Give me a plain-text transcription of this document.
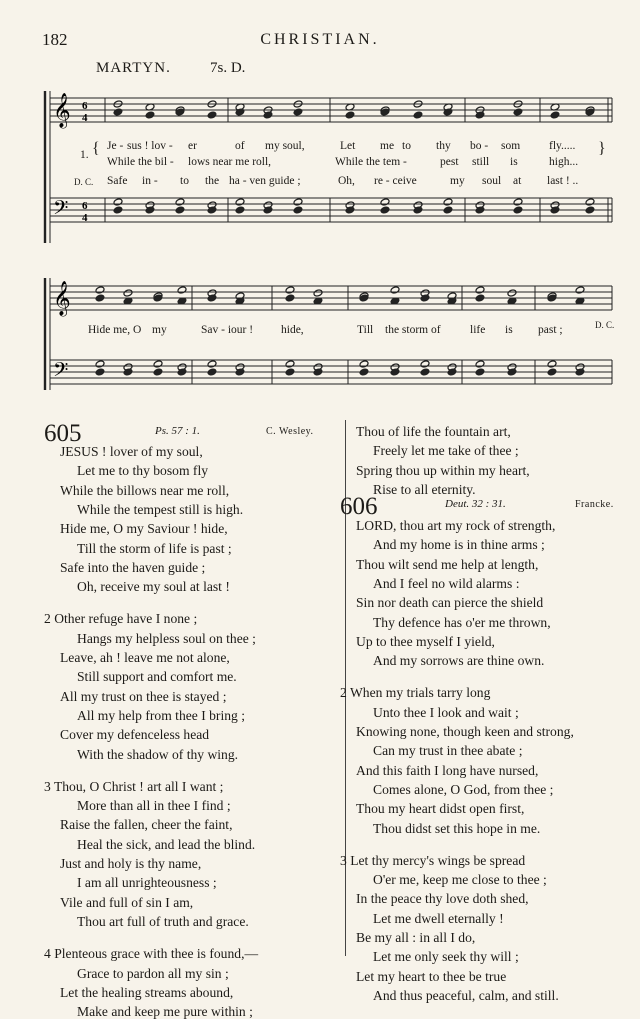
182	CHRISTIAN.
MARTYN.	7s. D.
𝄞
𝄢
6
4
6
4
1. {	}
Je - sus ! lov - er	of my soul,	Let me to thy bo - som	fly.....
While the bil - lows near me roll,	While the tem -	pest still is	high...
D. C. Safe in - to the ha - ven guide ;	Oh, re - ceive	my soul at last ! ..
𝄞
𝄢
Hide me, O my	Sav - iour ! hide,	Till the storm of	life is past ;	D. C.
605	Ps. 57 : 1.	C. Wesley.
JESUS ! lover of my soul,
Let me to thy bosom fly
While the billows near me roll,
While the tempest still is high.
Hide me, O my Saviour ! hide,
Till the storm of life is past ;
Safe into the haven guide ;
Oh, receive my soul at last !
2 Other refuge have I none ;
Hangs my helpless soul on thee ;
Leave, ah ! leave me not alone,
Still support and comfort me.
All my trust on thee is stayed ;
All my help from thee I bring ;
Cover my defenceless head
With the shadow of thy wing.
3 Thou, O Christ ! art all I want ;
More than all in thee I find ;
Raise the fallen, cheer the faint,
Heal the sick, and lead the blind.
Just and holy is thy name,
I am all unrighteousness ;
Vile and full of sin I am,
Thou art full of truth and grace.
4 Plenteous grace with thee is found,—
Grace to pardon all my sin ;
Let the healing streams abound,
Make and keep me pure within ;
Thou of life the fountain art,
Freely let me take of thee ;
Spring thou up within my heart,
Rise to all eternity.
606	Deut. 32 : 31.	Francke.
LORD, thou art my rock of strength,
And my home is in thine arms ;
Thou wilt send me help at length,
And I feel no wild alarms :
Sin nor death can pierce the shield
Thy defence has o'er me thrown,
Up to thee myself I yield,
And my sorrows are thine own.
2 When my trials tarry long
Unto thee I look and wait ;
Knowing none, though keen and strong,
Can my trust in thee abate ;
And this faith I long have nursed,
Comes alone, O God, from thee ;
Thou my heart didst open first,
Thou didst set this hope in me.
3 Let thy mercy's wings be spread
O'er me, keep me close to thee ;
In the peace thy love doth shed,
Let me dwell eternally !
Be my all : in all I do,
Let me only seek thy will ;
Let my heart to thee be true
And thus peaceful, calm, and still.
